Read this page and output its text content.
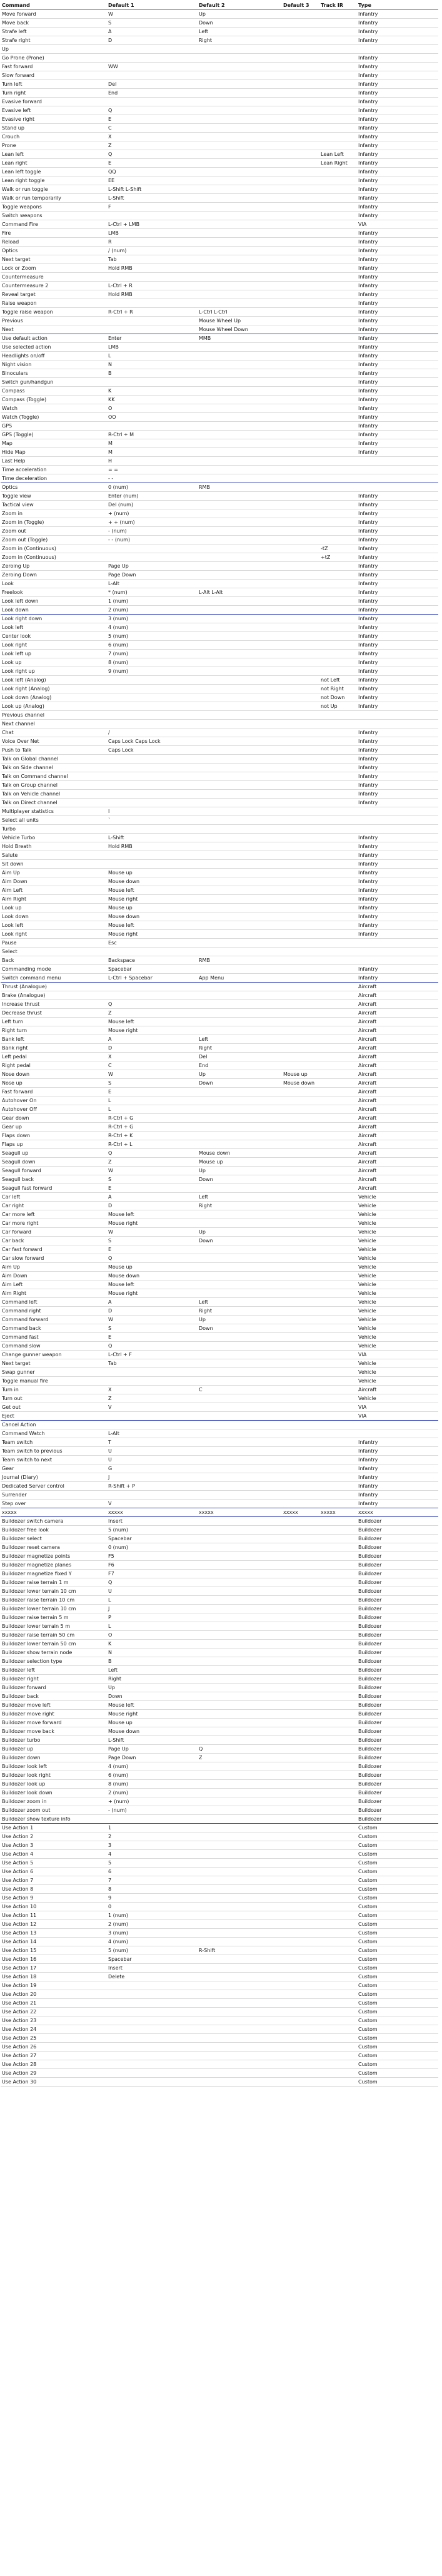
Command	Default 1	Default 2	Default 3	Track IR	Type
Move forward	W	Up			Infantry
Move back	S	Down			Infantry
Strafe left	A	Left			Infantry
Strafe right	D	Right			Infantry
Up					
Go Prone (Prone)					Infantry
Fast forward	WW				Infantry
Slow forward					Infantry
Turn left	Del				Infantry
Turn right	End				Infantry
Evasive forward					Infantry
Evasive left	Q				Infantry
Evasive right	E				Infantry
Stand up	C				Infantry
Crouch	X				Infantry
Prone	Z				Infantry
Lean left	Q			Lean Left	Infantry
Lean right	E			Lean Right	Infantry
Lean left toggle	QQ				Infantry
Lean right toggle	EE				Infantry
Walk or run toggle	L-Shift L-Shift				Infantry
Walk or run temporarily	L-Shift				Infantry
Toggle weapons	F				Infantry
Switch weapons					Infantry
Command Fire	L-Ctrl + LMB				VIA
Fire	LMB				Infantry
Reload	R				Infantry
Optics	/ (num)				Infantry
Next target	Tab				Infantry
Lock or Zoom	Hold RMB				Infantry
Countermeasure					Infantry
Countermeasure 2	L-Ctrl + R				Infantry
Reveal target	Hold RMB				Infantry
Raise weapon					Infantry
Toggle raise weapon	R-Ctrl + R	L-Ctrl L-Ctrl			Infantry
Previous		Mouse Wheel Up			Infantry
Next		Mouse Wheel Down			Infantry
Use default action	Enter	MMB			Infantry
Use selected action	LMB				Infantry
Headlights on/off	L				Infantry
Night vision	N				Infantry
Binoculars	B				Infantry
Switch gun/handgun					Infantry
Compass	K				Infantry
Compass (Toggle)	KK				Infantry
Watch	O				Infantry
Watch (Toggle)	OO				Infantry
GPS					Infantry
GPS (Toggle)	R-Ctrl + M				Infantry
Map	M				Infantry
Hide Map	M				Infantry
Last Help	H				
Time acceleration	= =				
Time deceleration	- -				
Optics	0 (num)	RMB			
Toggle view	Enter (num)				Infantry
Tactical view	Del (num)				Infantry
Zoom in	+ (num)				Infantry
Zoom in (Toggle)	+ + (num)				Infantry
Zoom out	- (num)				Infantry
Zoom out (Toggle)	- - (num)				Infantry
Zoom in (Continuous)				-tZ	Infantry
Zoom in (Continuous)				+tZ	Infantry
Zeroing Up	Page Up				Infantry
Zeroing Down	Page Down				Infantry
Look	L-Alt				Infantry
Freelook	* (num)	L-Alt L-Alt			Infantry
Look left down	1 (num)				Infantry
Look down	2 (num)				Infantry
Look right down	3 (num)				Infantry
Look left	4 (num)				Infantry
Center look	5 (num)				Infantry
Look right	6 (num)				Infantry
Look left up	7 (num)				Infantry
Look up	8 (num)				Infantry
Look right up	9 (num)				Infantry
Look left (Analog)				not Left	Infantry
Look right (Analog)				not Right	Infantry
Look down (Analog)				not Down	Infantry
Look up (Analog)				not Up	Infantry
Previous channel					
Next channel					
Chat	/				Infantry
Voice Over Net	Caps Lock Caps Lock				Infantry
Push to Talk	Caps Lock				Infantry
Talk on Global channel					Infantry
Talk on Side channel					Infantry
Talk on Command channel					Infantry
Talk on Group channel					Infantry
Talk on Vehicle channel					Infantry
Talk on Direct channel					Infantry
Multiplayer statistics	I				
Select all units	`				
Turbo					
Vehicle Turbo	L-Shift				Infantry
Hold Breath	Hold RMB				Infantry
Salute					Infantry
Sit down					Infantry
Aim Up	Mouse up				Infantry
Aim Down	Mouse down				Infantry
Aim Left	Mouse left				Infantry
Aim Right	Mouse right				Infantry
Look up	Mouse up				Infantry
Look down	Mouse down				Infantry
Look left	Mouse left				Infantry
Look right	Mouse right				Infantry
Pause	Esc				
Select					
Back	Backspace	RMB			
Commanding mode	Spacebar				Infantry
Switch command menu	L-Ctrl + Spacebar	App Menu			Infantry
Thrust (Analogue)					Aircraft
Brake (Analogue)					Aircraft
Increase thrust	Q				Aircraft
Decrease thrust	Z				Aircraft
Left turn	Mouse left				Aircraft
Right turn	Mouse right				Aircraft
Bank left	A	Left			Aircraft
Bank right	D	Right			Aircraft
Left pedal	X	Del			Aircraft
Right pedal	C	End			Aircraft
Nose down	W	Up	Mouse up		Aircraft
Nose up	S	Down	Mouse down		Aircraft
Fast forward	E				Aircraft
Autohover On	L				Aircraft
Autohover Off	L				Aircraft
Gear down	R-Ctrl + G				Aircraft
Gear up	R-Ctrl + G				Aircraft
Flaps down	R-Ctrl + K				Aircraft
Flaps up	R-Ctrl + L				Aircraft
Seagull up	Q	Mouse down			Aircraft
Seagull down	Z	Mouse up			Aircraft
Seagull forward	W	Up			Aircraft
Seagull back	S	Down			Aircraft
Seagull fast forward	E				Aircraft
Car left	A	Left			Vehicle
Car right	D	Right			Vehicle
Car more left	Mouse left				Vehicle
Car more right	Mouse right				Vehicle
Car forward	W	Up			Vehicle
Car back	S	Down			Vehicle
Car fast forward	E				Vehicle
Car slow forward	Q				Vehicle
Aim Up	Mouse up				Vehicle
Aim Down	Mouse down				Vehicle
Aim Left	Mouse left				Vehicle
Aim Right	Mouse right				Vehicle
Command left	A	Left			Vehicle
Command right	D	Right			Vehicle
Command forward	W	Up			Vehicle
Command back	S	Down			Vehicle
Command fast	E				Vehicle
Command slow	Q				Vehicle
Change gunner weapon	L-Ctrl + F				VIA
Next target	Tab				Vehicle
Swap gunner					Vehicle
Toggle manual fire					Vehicle
Turn in	X	C			Aircraft
Turn out	Z				Vehicle
Get out	V				VIA
Eject					VIA
Cancel Action					
Command Watch	L-Alt				
Team switch	T				Infantry
Team switch to previous	U				Infantry
Team switch to next	U				Infantry
Gear	G				Infantry
Journal (Diary)	J				Infantry
Dedicated Server control	R-Shift + P				Infantry
Surrender					Infantry
Step over	V				Infantry
xxxxx	xxxxx	xxxxx	xxxxx	xxxxx	xxxxx
Buildozer switch camera	Insert				Buildozer
Buildozer free look	5 (num)				Buildozer
Buildozer select	Spacebar				Buildozer
Buildozer reset camera	0 (num)				Buildozer
Buildozer magnetize points	F5				Buildozer
Buildozer magnetize planes	F6				Buildozer
Buildozer magnetize fixed Y	F7				Buildozer
Buildozer raise terrain 1 m	Q				Buildozer
Buildozer lower terrain 10 cm	U				Buildozer
Buildozer raise terrain 10 cm	L				Buildozer
Buildozer lower terrain 10 cm	J				Buildozer
Buildozer raise terrain 5 m	P				Buildozer
Buildozer lower terrain 5 m	L				Buildozer
Buildozer raise terrain 50 cm	O				Buildozer
Buildozer lower terrain 50 cm	K				Buildozer
Buildozer show terrain node	N				Buildozer
Buildozer selection type	B				Buildozer
Buildozer left	Left				Buildozer
Buildozer right	Right				Buildozer
Buildozer forward	Up				Buildozer
Buildozer back	Down				Buildozer
Buildozer move left	Mouse left				Buildozer
Buildozer move right	Mouse right				Buildozer
Buildozer move forward	Mouse up				Buildozer
Buildozer move back	Mouse down				Buildozer
Buildozer turbo	L-Shift				Buildozer
Buildozer up	Page Up	Q			Buildozer
Buildozer down	Page Down	Z			Buildozer
Buildozer look left	4 (num)				Buildozer
Buildozer look right	6 (num)				Buildozer
Buildozer look up	8 (num)				Buildozer
Buildozer look down	2 (num)				Buildozer
Buildozer zoom in	+ (num)				Buildozer
Buildozer zoom out	- (num)				Buildozer
Buildozer show texture info					Buildozer
Use Action 1	1				Custom
Use Action 2	2				Custom
Use Action 3	3				Custom
Use Action 4	4				Custom
Use Action 5	5				Custom
Use Action 6	6				Custom
Use Action 7	7				Custom
Use Action 8	8				Custom
Use Action 9	9				Custom
Use Action 10	0				Custom
Use Action 11	1 (num)				Custom
Use Action 12	2 (num)				Custom
Use Action 13	3 (num)				Custom
Use Action 14	4 (num)				Custom
Use Action 15	5 (num)	R-Shift			Custom
Use Action 16	Spacebar				Custom
Use Action 17	Insert				Custom
Use Action 18	Delete				Custom
Use Action 19					Custom
Use Action 20					Custom
Use Action 21					Custom
Use Action 22					Custom
Use Action 23					Custom
Use Action 24					Custom
Use Action 25					Custom
Use Action 26					Custom
Use Action 27					Custom
Use Action 28					Custom
Use Action 29					Custom
Use Action 30					Custom
